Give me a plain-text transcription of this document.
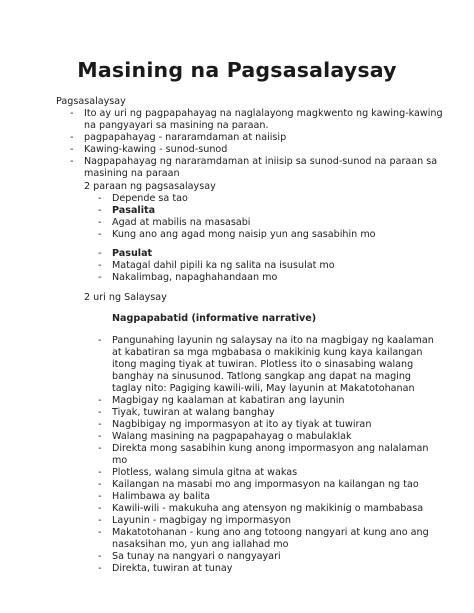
Masining na Pagsasalaysay
Pagsasalaysay
- Ito ay uri ng pagpapahayag na naglalayong magkwento ng kawing-kawing
na pangyayari sa masining na paraan.
- pagpapahayag - nararamdaman at naiisip
- Kawing-kawing - sunod-sunod
- Nagpapahayag ng nararamdaman at iniisip sa sunod-sunod na paraan sa
masining na paraan
2 paraan ng pagsasalaysay
- Depende sa tao
- Pasalita
- Agad at mabilis na masasabi
- Kung ano ang agad mong naisip yun ang sasabihin mo
- Pasulat
- Matagal dahil pipili ka ng salita na isusulat mo
- Nakalimbag, napaghahandaan mo
2 uri ng Salaysay
Nagpapabatid (informative narrative)
- Pangunahing layunin ng salaysay na ito na magbigay ng kaalaman
at kabatiran sa mga mgbabasa o makikinig kung kaya kailangan
itong maging tiyak at tuwiran. Plotless ito o sinasabing walang
banghay na sinusunod. Tatlong sangkap ang dapat na maging
taglay nito: Pagiging kawili-wili, May layunin at Makatotohanan
- Magbigay ng kaalaman at kabatiran ang layunin
- Tiyak, tuwiran at walang banghay
- Nagbibigay ng impormasyon at ito ay tiyak at tuwiran
- Walang masining na pagpapahayag o mabulaklak
- Direkta mong sasabihin kung anong impormasyon ang nalalaman
mo
- Plotless, walang simula gitna at wakas
- Kailangan na masabi mo ang impormasyon na kailangan ng tao
- Halimbawa ay balita
- Kawili-wili - makukuha ang atensyon ng makikinig o mambabasa
- Layunin - magbigay ng impormasyon
- Makatotohanan - kung ano ang totoong nangyari at kung ano ang
nasaksihan mo, yun ang iallahad mo
- Sa tunay na nangyari o nangyayari
- Direkta, tuwiran at tunay
